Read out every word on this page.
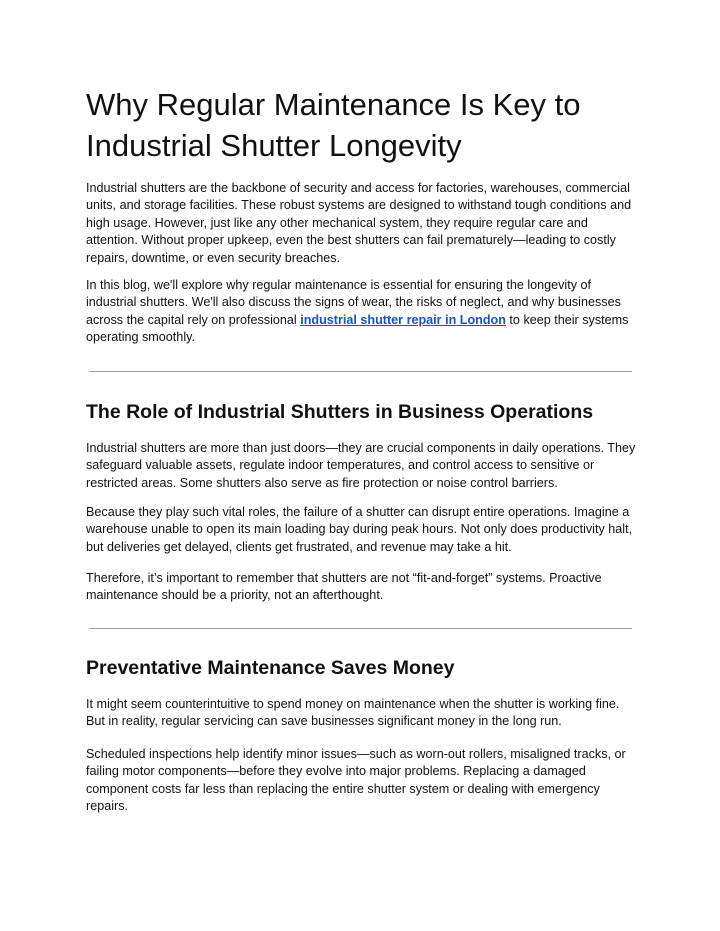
Why Regular Maintenance Is Key to Industrial Shutter Longevity

Industrial shutters are the backbone of security and access for factories, warehouses, commercial units, and storage facilities. These robust systems are designed to withstand tough conditions and high usage. However, just like any other mechanical system, they require regular care and attention. Without proper upkeep, even the best shutters can fail prematurely—leading to costly repairs, downtime, or even security breaches.

In this blog, we'll explore why regular maintenance is essential for ensuring the longevity of industrial shutters. We'll also discuss the signs of wear, the risks of neglect, and why businesses across the capital rely on professional industrial shutter repair in London to keep their systems operating smoothly.

The Role of Industrial Shutters in Business Operations

Industrial shutters are more than just doors—they are crucial components in daily operations. They safeguard valuable assets, regulate indoor temperatures, and control access to sensitive or restricted areas. Some shutters also serve as fire protection or noise control barriers.

Because they play such vital roles, the failure of a shutter can disrupt entire operations. Imagine a warehouse unable to open its main loading bay during peak hours. Not only does productivity halt, but deliveries get delayed, clients get frustrated, and revenue may take a hit.

Therefore, it’s important to remember that shutters are not “fit-and-forget” systems. Proactive maintenance should be a priority, not an afterthought.

Preventative Maintenance Saves Money

It might seem counterintuitive to spend money on maintenance when the shutter is working fine. But in reality, regular servicing can save businesses significant money in the long run.

Scheduled inspections help identify minor issues—such as worn-out rollers, misaligned tracks, or failing motor components—before they evolve into major problems. Replacing a damaged component costs far less than replacing the entire shutter system or dealing with emergency repairs.
